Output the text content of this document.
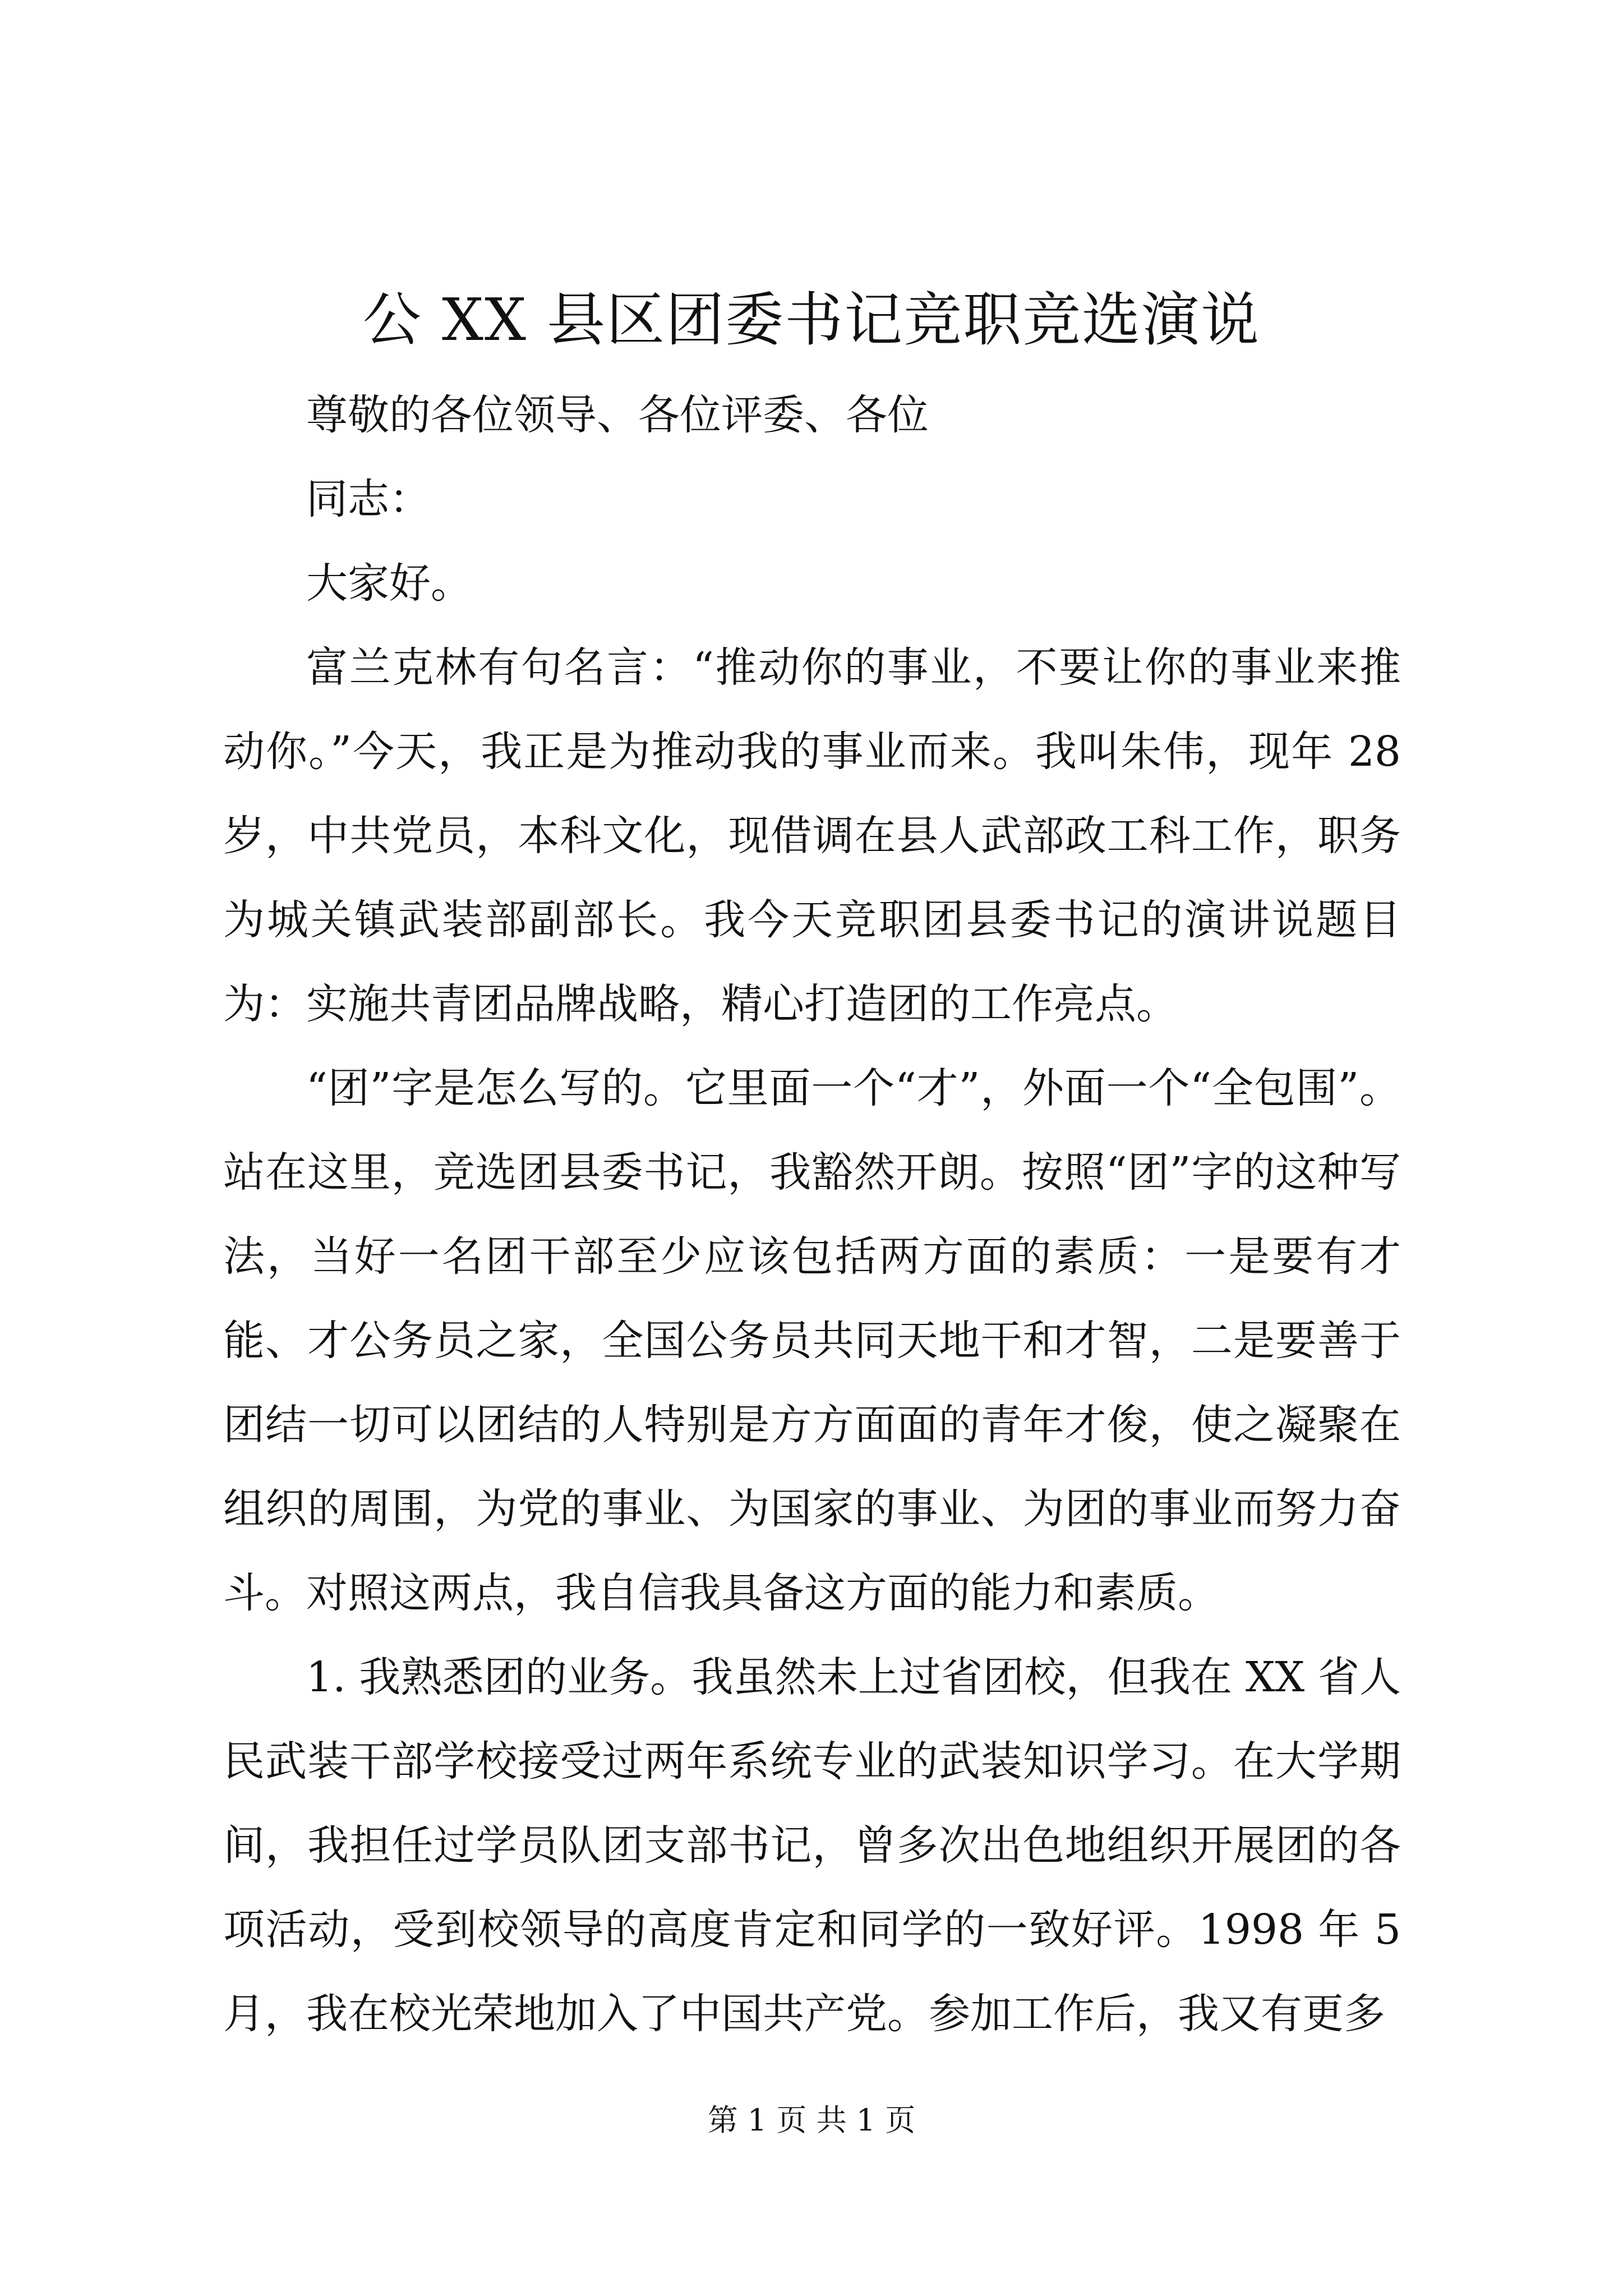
公 XX 县区团委书记竞职竞选演说

尊敬的各位领导、各位评委、各位

同志：

大家好。

富兰克林有句名言：“推动你的事业，不要让你的事业来推动你。”今天，我正是为推动我的事业而来。我叫朱伟，现年 28 岁，中共党员，本科文化，现借调在县人武部政工科工作，职务为城关镇武装部副部长。我今天竞职团县委书记的演讲说题目为：实施共青团品牌战略，精心打造团的工作亮点。

“团”字是怎么写的。它里面一个“才”，外面一个“全包围”。站在这里，竞选团县委书记，我豁然开朗。按照“团”字的这种写法，当好一名团干部至少应该包括两方面的素质：一是要有才能、才公务员之家，全国公务员共同天地干和才智，二是要善于团结一切可以团结的人特别是方方面面的青年才俊，使之凝聚在组织的周围，为党的事业、为国家的事业、为团的事业而努力奋斗。对照这两点，我自信我具备这方面的能力和素质。

1. 我熟悉团的业务。我虽然未上过省团校，但我在 XX 省人民武装干部学校接受过两年系统专业的武装知识学习。在大学期间，我担任过学员队团支部书记，曾多次出色地组织开展团的各项活动，受到校领导的高度肯定和同学的一致好评。1998 年 5 月，我在校光荣地加入了中国共产党。参加工作后，我又有更多

第 1 页 共 1 页
